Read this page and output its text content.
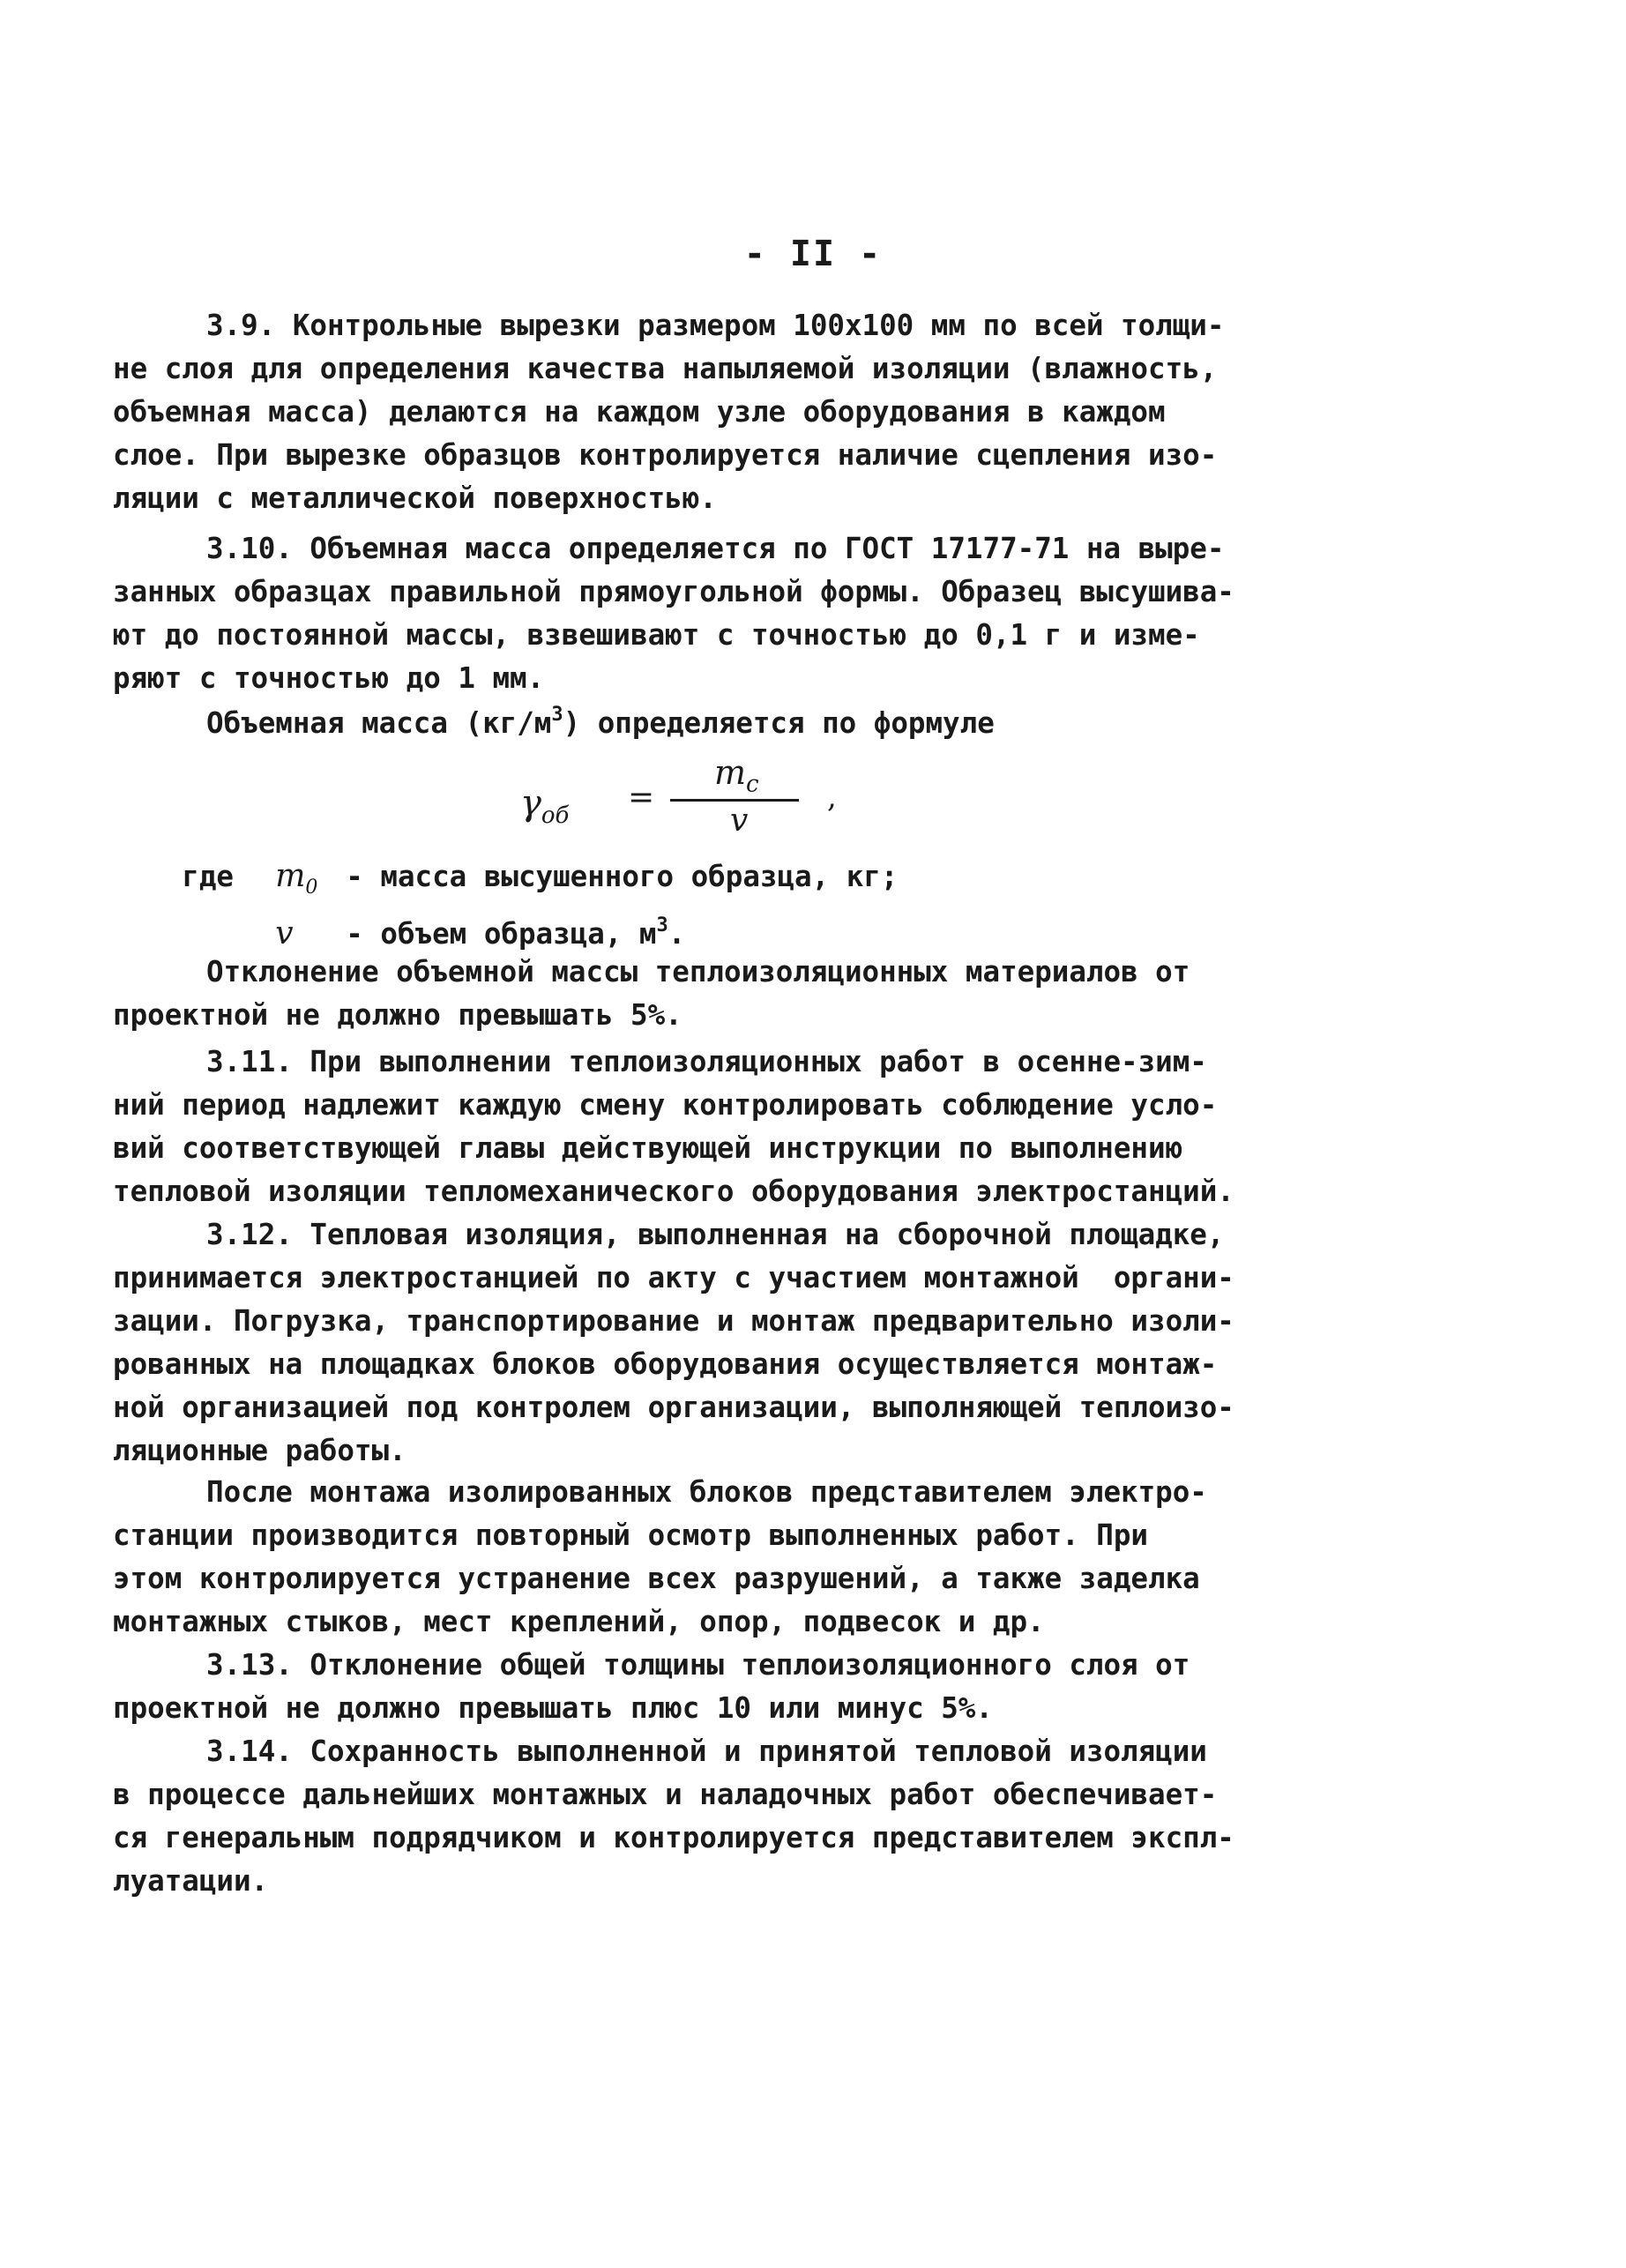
- II -
3.9. Контрольные вырезки размером 100х100 мм по всей толщи-
не слоя для определения качества напыляемой изоляции (влажность,
объемная масса) делаются на каждом узле оборудования в каждом
слое. При вырезке образцов контролируется наличие сцепления изо-
ляции с металлической поверхностью.
3.10. Объемная масса определяется по ГОСТ 17177-71 на выре-
занных образцах правильной прямоугольной формы. Образец высушива-
ют до постоянной массы, взвешивают с точностью до 0,1 г и изме-
ряют с точностью до 1 мм.
Объемная масса $(кг/м^3)$ определяется по формуле
$\gamma_{об}$ =
$m_c$
v
,

где $m_0$ - масса высушенного образца, кг;

v - объем образца, $м^3$.

Отклонение объемной массы теплоизоляционных материалов от
проектной не должно превышать 5%.
3.11. При выполнении теплоизоляционных работ в осенне-зим-
ний период надлежит каждую смену контролировать соблюдение усло-
вий соответствующей главы действующей инструкции по выполнению
тепловой изоляции тепломеханического оборудования электростанций.
3.12. Тепловая изоляция, выполненная на сборочной площадке,
принимается электростанцией по акту с участием монтажной  органи-
зации. Погрузка, транспортирование и монтаж предварительно изоли-
рованных на площадках блоков оборудования осуществляется монтаж-
ной организацией под контролем организации, выполняющей теплоизо-
ляционные работы.
После монтажа изолированных блоков представителем электро-
станции производится повторный осмотр выполненных работ. При
этом контролируется устранение всех разрушений, а также заделка
монтажных стыков, мест креплений, опор, подвесок и др.
3.13. Отклонение общей толщины теплоизоляционного слоя от
проектной не должно превышать плюс 10 или минус 5%.
3.14. Сохранность выполненной и принятой тепловой изоляции
в процессе дальнейших монтажных и наладочных работ обеспечивает-
ся генеральным подрядчиком и контролируется представителем экспл-
луатации.
